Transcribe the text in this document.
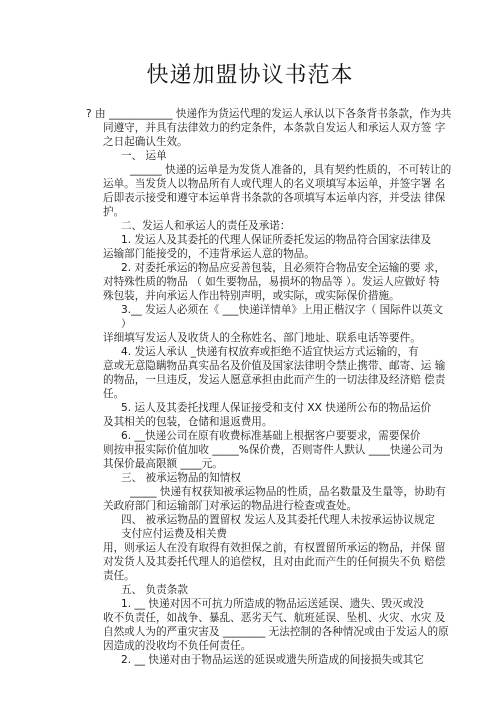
快递加盟协议书范本
? 由 ____________ 快递作为货运代理的发运人承认以下各条背书条款，作为共
同遵守，并具有法律效力的约定条件，本条款自发运人和承运人双方签 字
之日起确认生效。
一、 运单
______ 快递的运单是为发货人准备的，具有契约性质的，不可转让的
运单。当发货人以物品所有人或代理人的名义项填写本运单，并签字署 名
后即表示接受和遵守本运单背书条款的各项填写本运单内容，并受法 律保
护。
二、发运人和承运人的责任及承诺：
1. 发运人及其委托的代理人保证所委托发运的物品符合国家法律及
运输部门能接受的，不违背承运人意的物品。
2. 对委托承运的物品应妥善包装，且必须符合物品安全运输的要 求，
对特殊性质的物品 （ 如生要物品，易损坏的物品等 ）。发运人应做好 特
殊包装，并向承运人作出特别声明，或实际，或实际保价措施。
3.__ 发运人必须在《 ___快递详情单》上用正楷汉字（ 国际件以英文
）
详细填写发运人及收货人的全称姓名、部门地址、联系电话等要件。
4. 发运人承认 _快递有权放弃或拒绝不适宜快运方式运输的，有
意或无意隐瞒物品真实品名及价值及国家法律明令禁止携带、邮寄、运 输
的物品，一旦违反，发运人愿意承担由此而产生的一切法律及经济赔 偿责
任。
5. 运人及其委托找理人保证接受和支付 XX 快递所公布的物品运价
及其相关的包装，仓储和退返费用。
6. __快递公司在原有收费标准基础上根据客户要要求，需要保价
则按申报实际价值加收 _____%保价费，否则寄件人默认 ____快递公司为
其保价最高限额 ____元。
三、 被承运物品的知情权
_____ 快递有权获知被承运物品的性质，品名数量及生量等，协助有
关政府部门和运输部门对承运的物品进行检查或查处。
四、 被承运物品的置留权 发运人及其委托代理人未按承运协议规定
支付应付运费及相关费
用，则承运人在没有取得有效担保之前，有权置留所承运的物品，并保 留
对发货人及其委托代理人的追偿权，且对由此而产生的任何损失不负 赔偿
责任。
五、 负责条款
1. __ 快递对因不可抗力所造成的物品运送延误、遗失、毁灭或没
收不负责任，如战争、暴乱、恶劣天气、航班延误、坠机、火灾、水灾 及
自然或人为的严重灾害及 ________ 无法控制的各种情况或由于发运人的原
因造成的没收均不负任何责任。
2. __ 快递对由于物品运送的延误或遗失所造成的间接损失或其它
